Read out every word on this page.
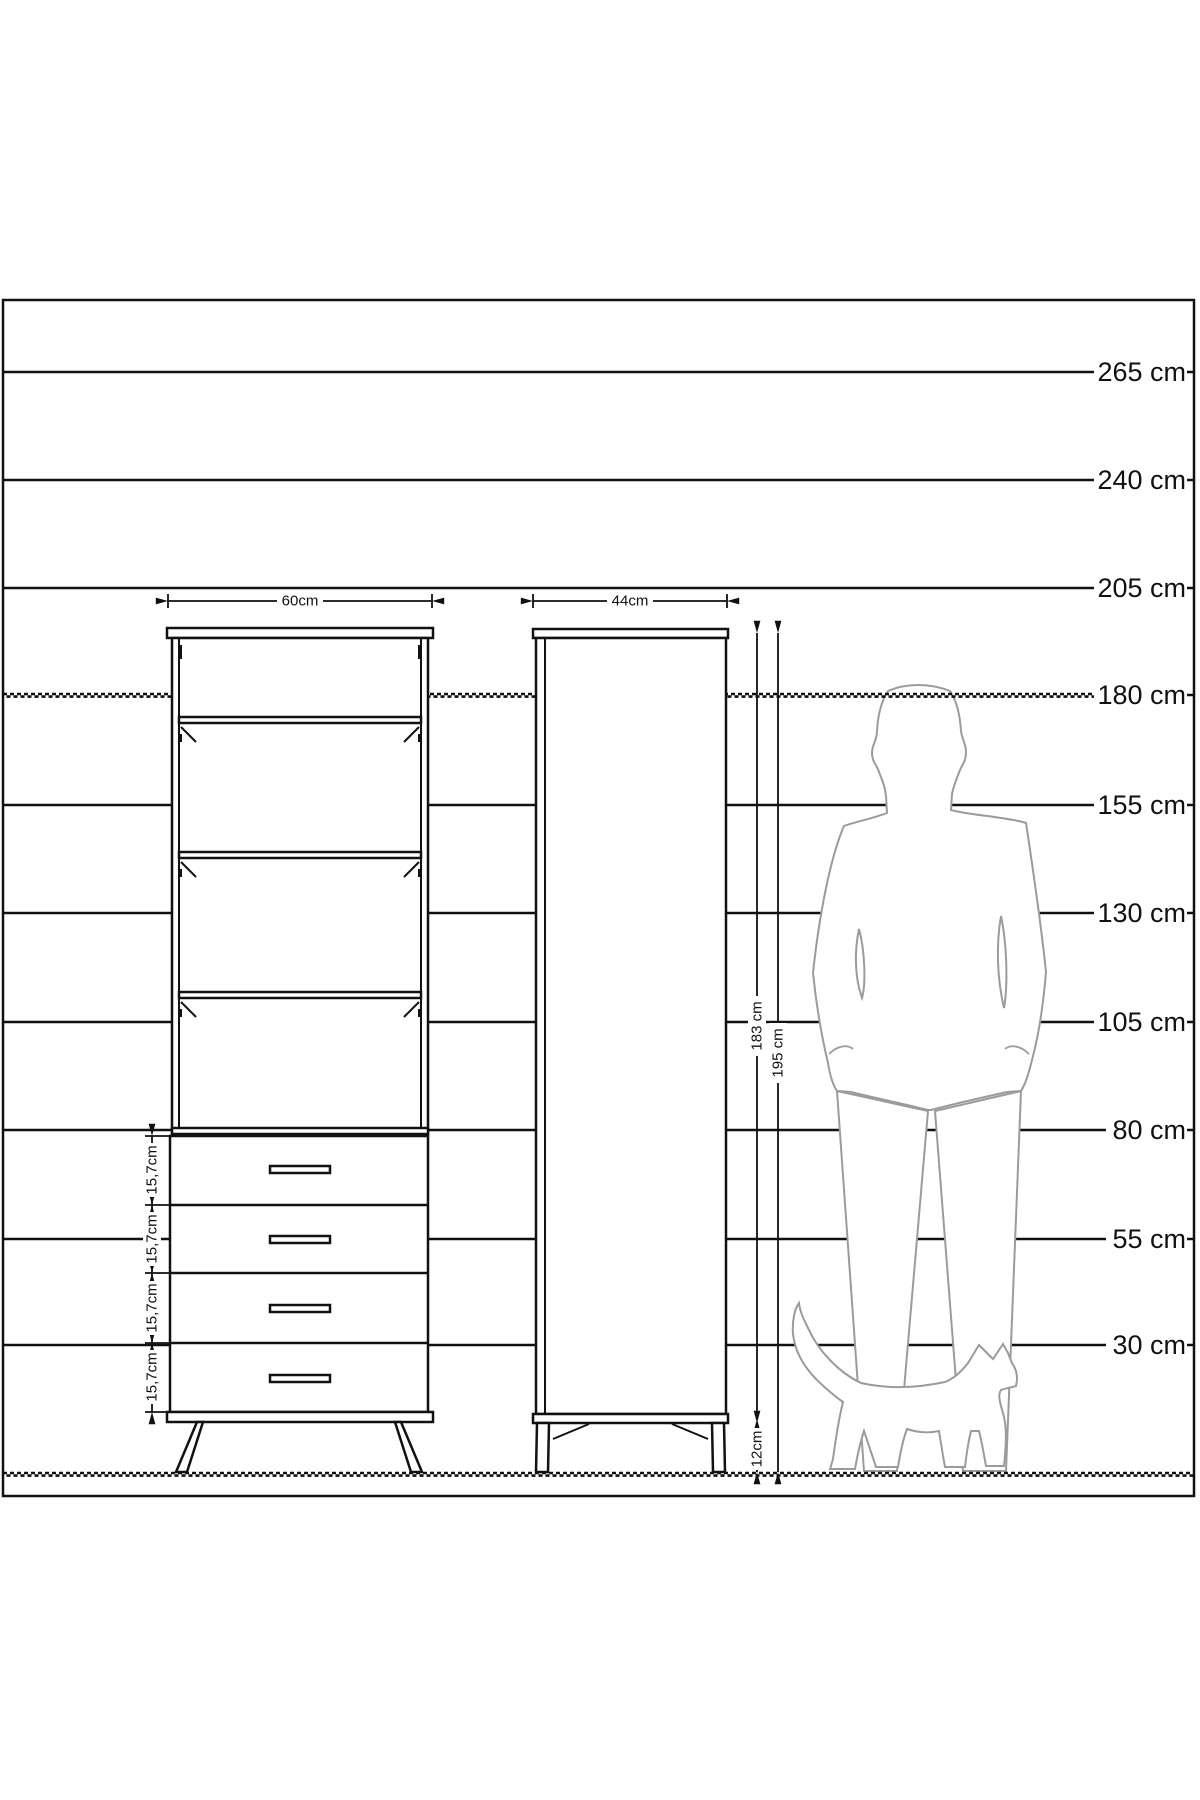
265 cm
240 cm
205 cm
155 cm
130 cm
105 cm
80 cm
55 cm
30 cm
180 cm
60cm	44cm
15,7cm
15,7cm
15,7cm
15,7cm
183 cm
12cm
195 cm
